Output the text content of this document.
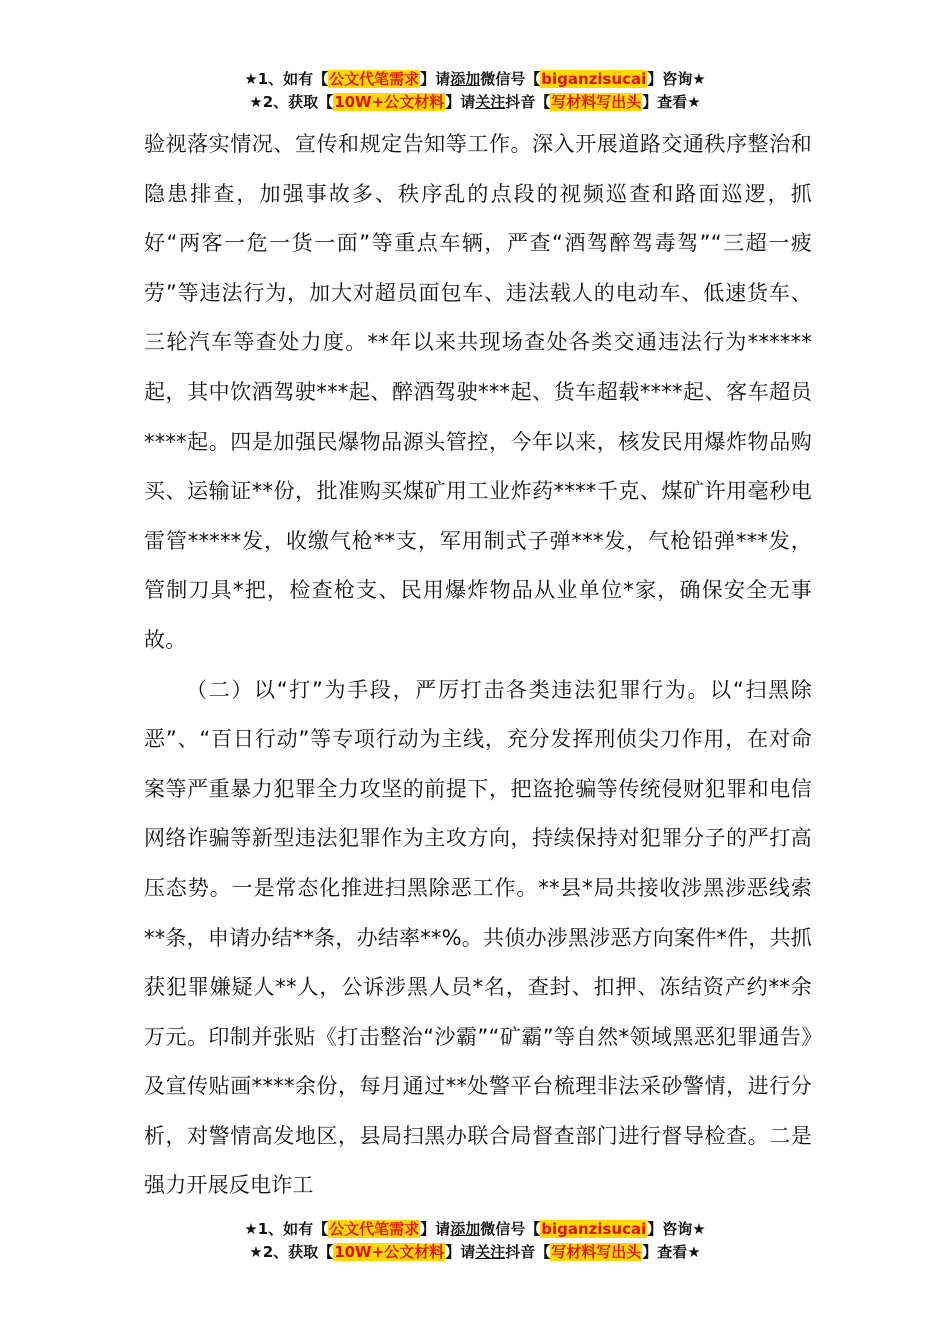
★1、如有【公文代笔需求】请添加微信号【biganzisucai】咨询★
★2、获取【10W+公文材料】请关注抖音【写材料写出头】查看★

验视落实情况、宣传和规定告知等工作。深入开展道路交通秩序整治和隐患排查，加强事故多、秩序乱的点段的视频巡查和路面巡逻，抓好“两客一危一货一面”等重点车辆，严查“酒驾醉驾毒驾”“三超一疲劳”等违法行为，加大对超员面包车、违法载人的电动车、低速货车、三轮汽车等查处力度。**年以来共现场查处各类交通违法行为******起，其中饮酒驾驶***起、醉酒驾驶***起、货车超载****起、客车超员****起。四是加强民爆物品源头管控，今年以来，核发民用爆炸物品购买、运输证**份，批准购买煤矿用工业炸药****千克、煤矿许用毫秒电雷管*****发，收缴气枪**支，军用制式子弹***发，气枪铅弹***发，管制刀具*把，检查枪支、民用爆炸物品从业单位*家，确保安全无事故。

（二）以“打”为手段，严厉打击各类违法犯罪行为。以“扫黑除恶”、“百日行动”等专项行动为主线，充分发挥刑侦尖刀作用，在对命案等严重暴力犯罪全力攻坚的前提下，把盗抢骗等传统侵财犯罪和电信网络诈骗等新型违法犯罪作为主攻方向，持续保持对犯罪分子的严打高压态势。一是常态化推进扫黑除恶工作。**县*局共接收涉黑涉恶线索**条，申请办结**条，办结率**%。共侦办涉黑涉恶方向案件*件，共抓获犯罪嫌疑人**人，公诉涉黑人员*名，查封、扣押、冻结资产约**余万元。印制并张贴《打击整治“沙霸”“矿霸”等自然*领域黑恶犯罪通告》及宣传贴画****余份，每月通过**处警平台梳理非法采砂警情，进行分析，对警情高发地区，县局扫黑办联合局督查部门进行督导检查。二是强力开展反电诈工

★1、如有【公文代笔需求】请添加微信号【biganzisucai】咨询★
★2、获取【10W+公文材料】请关注抖音【写材料写出头】查看★
